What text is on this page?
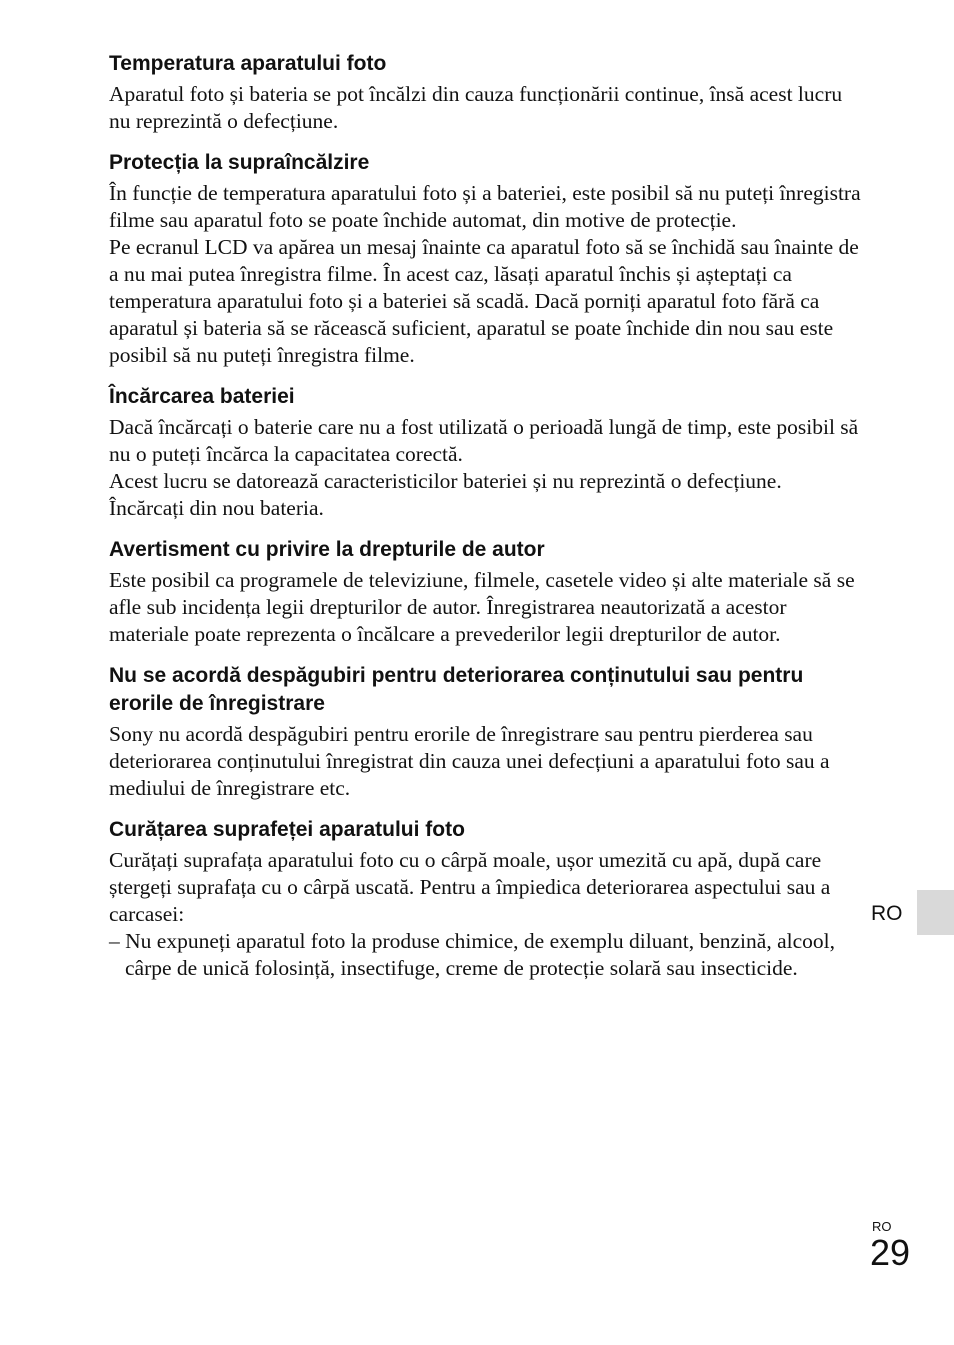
Temperatura aparatului foto

Aparatul foto și bateria se pot încălzi din cauza funcționării continue, însă acest lucru nu reprezintă o defecțiune.

Protecția la supraîncălzire

În funcție de temperatura aparatului foto și a bateriei, este posibil să nu puteți înregistra filme sau aparatul foto se poate închide automat, din motive de protecție.

Pe ecranul LCD va apărea un mesaj înainte ca aparatul foto să se închidă sau înainte de a nu mai putea înregistra filme. În acest caz, lăsați aparatul închis și așteptați ca temperatura aparatului foto și a bateriei să scadă. Dacă porniți aparatul foto fără ca aparatul și bateria să se răcească suficient, aparatul se poate închide din nou sau este posibil să nu puteți înregistra filme.

Încărcarea bateriei

Dacă încărcați o baterie care nu a fost utilizată o perioadă lungă de timp, este posibil să nu o puteți încărca la capacitatea corectă.

Acest lucru se datorează caracteristicilor bateriei și nu reprezintă o defecțiune. Încărcați din nou bateria.

Avertisment cu privire la drepturile de autor

Este posibil ca programele de televiziune, filmele, casetele video și alte materiale să se afle sub incidența legii drepturilor de autor. Înregistrarea neautorizată a acestor materiale poate reprezenta o încălcare a prevederilor legii drepturilor de autor.

Nu se acordă despăgubiri pentru deteriorarea conținutului sau pentru erorile de înregistrare

Sony nu acordă despăgubiri pentru erorile de înregistrare sau pentru pierderea sau deteriorarea conținutului înregistrat din cauza unei defecțiuni a aparatului foto sau a mediului de înregistrare etc.

Curățarea suprafeței aparatului foto

Curățați suprafața aparatului foto cu o cârpă moale, ușor umezită cu apă, după care ștergeți suprafața cu o cârpă uscată. Pentru a împiedica deteriorarea aspectului sau a carcasei:

– Nu expuneți aparatul foto la produse chimice, de exemplu diluant, benzină, alcool, cârpe de unică folosință, insectifuge, creme de protecție solară sau insecticide.

RO
RO
29
